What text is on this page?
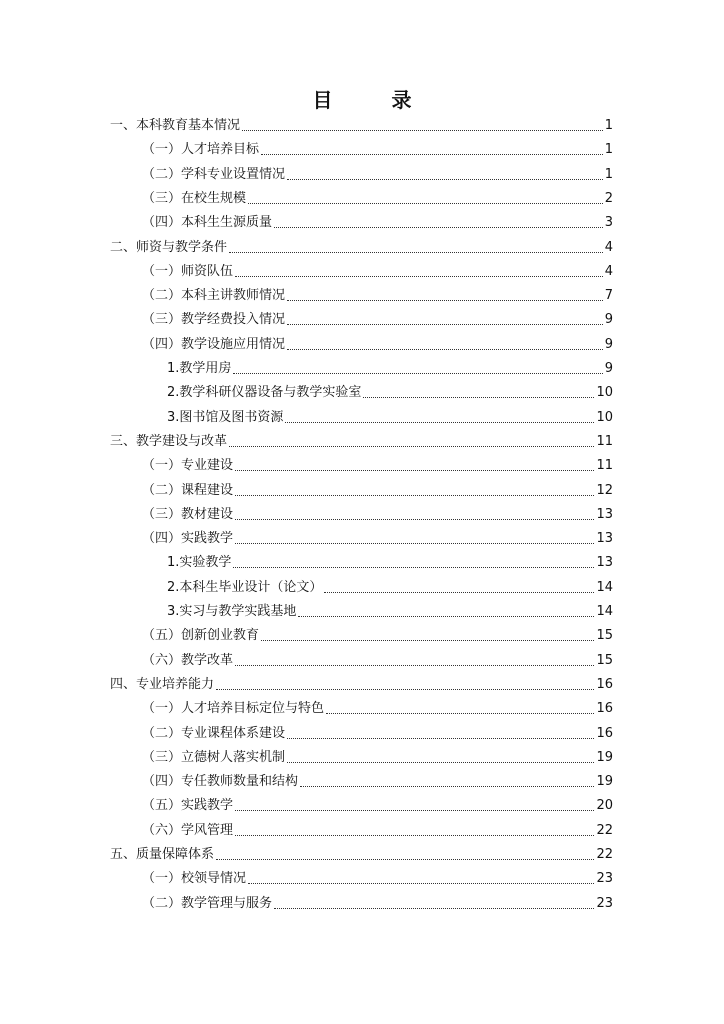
目 录
一、本科教育基本情况	1
（一）人才培养目标	1
（二）学科专业设置情况	1
（三）在校生规模	2
（四）本科生生源质量	3
二、师资与教学条件	4
（一）师资队伍	4
（二）本科主讲教师情况	7
（三）教学经费投入情况	9
（四）教学设施应用情况	9
1.教学用房	9
2.教学科研仪器设备与教学实验室	10
3.图书馆及图书资源	10
三、教学建设与改革	11
（一）专业建设	11
（二）课程建设	12
（三）教材建设	13
（四）实践教学	13
1.实验教学	13
2.本科生毕业设计（论文）	14
3.实习与教学实践基地	14
（五）创新创业教育	15
（六）教学改革	15
四、专业培养能力	16
（一）人才培养目标定位与特色	16
（二）专业课程体系建设	16
（三）立德树人落实机制	19
（四）专任教师数量和结构	19
（五）实践教学	20
（六）学风管理	22
五、质量保障体系	22
（一）校领导情况	23
（二）教学管理与服务	23
